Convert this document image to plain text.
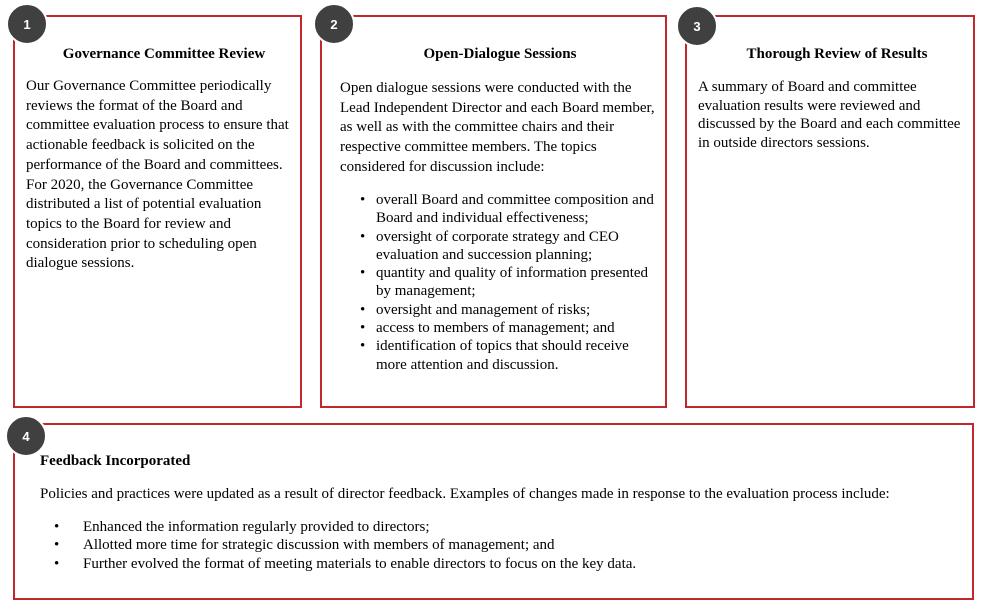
1
Governance Committee Review
Our Governance Committee periodically reviews the format of the Board and committee evaluation process to ensure that actionable feedback is solicited on the performance of the Board and committees. For 2020, the Governance Committee distributed a list of potential evaluation topics to the Board for review and consideration prior to scheduling open dialogue sessions.
2
Open-Dialogue Sessions
Open dialogue sessions were conducted with the Lead Independent Director and each Board member, as well as with the committee chairs and their respective committee members. The topics considered for discussion include:
• overall Board and committee composition and Board and individual effectiveness;
• oversight of corporate strategy and CEO evaluation and succession planning;
• quantity and quality of information presented by management;
• oversight and management of risks;
• access to members of management; and
• identification of topics that should receive more attention and discussion.
3
Thorough Review of Results
A summary of Board and committee evaluation results were reviewed and discussed by the Board and each committee in outside directors sessions.
4
Feedback Incorporated
Policies and practices were updated as a result of director feedback. Examples of changes made in response to the evaluation process include:
• Enhanced the information regularly provided to directors;
• Allotted more time for strategic discussion with members of management; and
• Further evolved the format of meeting materials to enable directors to focus on the key data.
